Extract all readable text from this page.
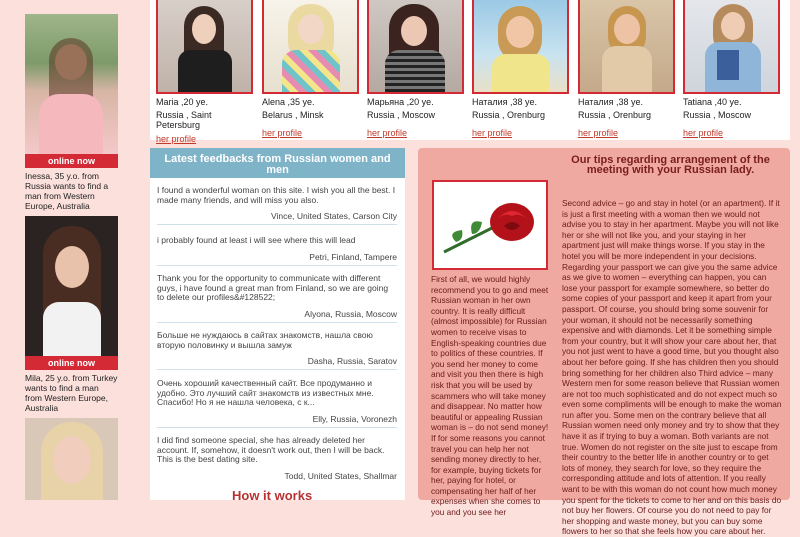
online now
Inessa, 35 y.o. from Russia wants to find a man from Western Europe, Australia
online now
Mila, 25 y.o. from Turkey wants to find a man from Western Europe, Australia
Maria ,20 ye.
Russia , Saint Petersburg
her profile
Alena ,35 ye.
Belarus , Minsk
her profile
Марьяна ,20 ye.
Russia , Moscow
her profile
Наталия ,38 ye.
Russia , Orenburg
her profile
Наталия ,38 ye.
Russia , Orenburg
her profile
Tatiana ,40 ye.
Russia , Moscow
her profile
Latest feedbacks from Russian women and men
I found a wonderful woman on this site. I wish you all the best. I made many friends, and will miss you also.
Vince, United States, Carson City
i probably found at least i will see where this will lead
Petri, Finland, Tampere
Thank you for the opportunity to communicate with different guys, i have found a great man from Finland, so we are going to delete our profiles&#128522;
Alyona, Russia, Moscow
Больше не нуждаюсь в сайтах знакомств, нашла свою вторую половинку и вышла замуж
Dasha, Russia, Saratov
Очень хороший качественный сайт. Все продуманно и удобно. Это лучший сайт знакомств из известных мне. Спасибо! Но я не нашла человека, с к...
Elly, Russia, Voronezh
I did find someone special, she has already deleted her account. If, somehow, it doesn't work out, then I will be back. This is the best dating site.
Todd, United States, Shallmar
How it works
Our tips regarding arrangement of the meeting with your Russian lady.
First of all, we would highly recommend you to go and meet Russian woman in her own country. It is really difficult (almost impossible) for Russian women to receive visas to English-speaking countries due to politics of these countries. If you send her money to come and visit you then there is high risk that you will be used by scammers who will take money and disappear. No matter how beautiful or appealing Russian woman is – do not send money! If for some reasons you cannot travel you can help her not sending money directly to her, for example, buying tickets for her, paying for hotel, or compensating her half of her expenses when she comes to you and you see her
Second advice – go and stay in hotel (or an apartment). If it is just a first meeting with a woman then we would not advise you to stay in her apartment. Maybe you will not like her or she will not like you, and your staying in her apartment just will make things worse. If you stay in the hotel you will be more independent in your decisions. Regarding your passport we can give you the same advice as we give to women – everything can happen, you can lose your passport for example somewhere, so better do some copies of your passport and keep it apart from your passport. Of course, you should bring some souvenir for your woman, it should not be necessarily something expensive and with diamonds. Let it be something simple from your country, but it will show your care about her, that you not just went to have a good time, but you thought also about her before going. If she has children then you should bring something for her children also Third advice – many Western men for some reason believe that Russian women are not too much sophisticated and do not expect much so even some compliments will be enough to make the woman run after you. Some men on the contrary believe that all Russian women need only money and try to show that they have it as if trying to buy a woman. Both variants are not true. Women do not register on the site just to escape from their country to the better life in another country or to get lots of money, they search for love, so they require the corresponding attitude and lots of attention. If you really want to be with this woman do not count how much money you spent for the tickets to come to her and on this basis do not buy her flowers. Of course you do not need to pay for her shopping and waste money, but you can buy some flowers to her so that she feels how you care about her.
